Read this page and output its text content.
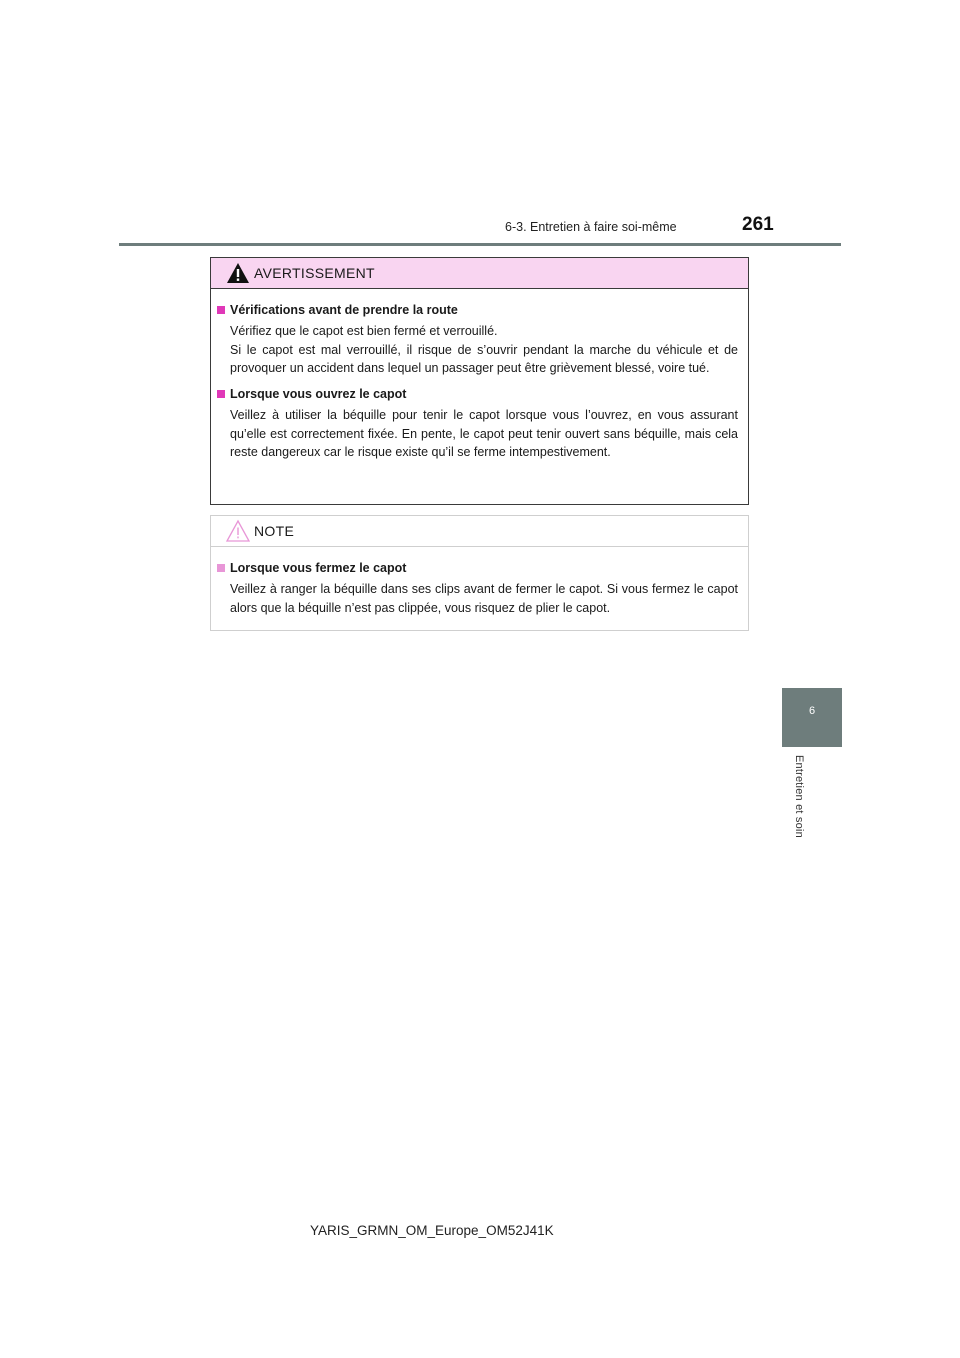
6-3. Entretien à faire soi-même	261
AVERTISSEMENT
Vérifications avant de prendre la route

Vérifiez que le capot est bien fermé et verrouillé.

Si le capot est mal verrouillé, il risque de s’ouvrir pendant la marche du véhicule et de provoquer un accident dans lequel un passager peut être grièvement blessé, voire tué.

Lorsque vous ouvrez le capot

Veillez à utiliser la béquille pour tenir le capot lorsque vous l’ouvrez, en vous assurant qu’elle est correctement fixée. En pente, le capot peut tenir ouvert sans béquille, mais cela reste dangereux car le risque existe qu’il se ferme intempestivement.

NOTE
Lorsque vous fermez le capot

Veillez à ranger la béquille dans ses clips avant de fermer le capot. Si vous fermez le capot alors que la béquille n’est pas clippée, vous risquez de plier le capot.

6
Entretien et soin
YARIS_GRMN_OM_Europe_OM52J41K
